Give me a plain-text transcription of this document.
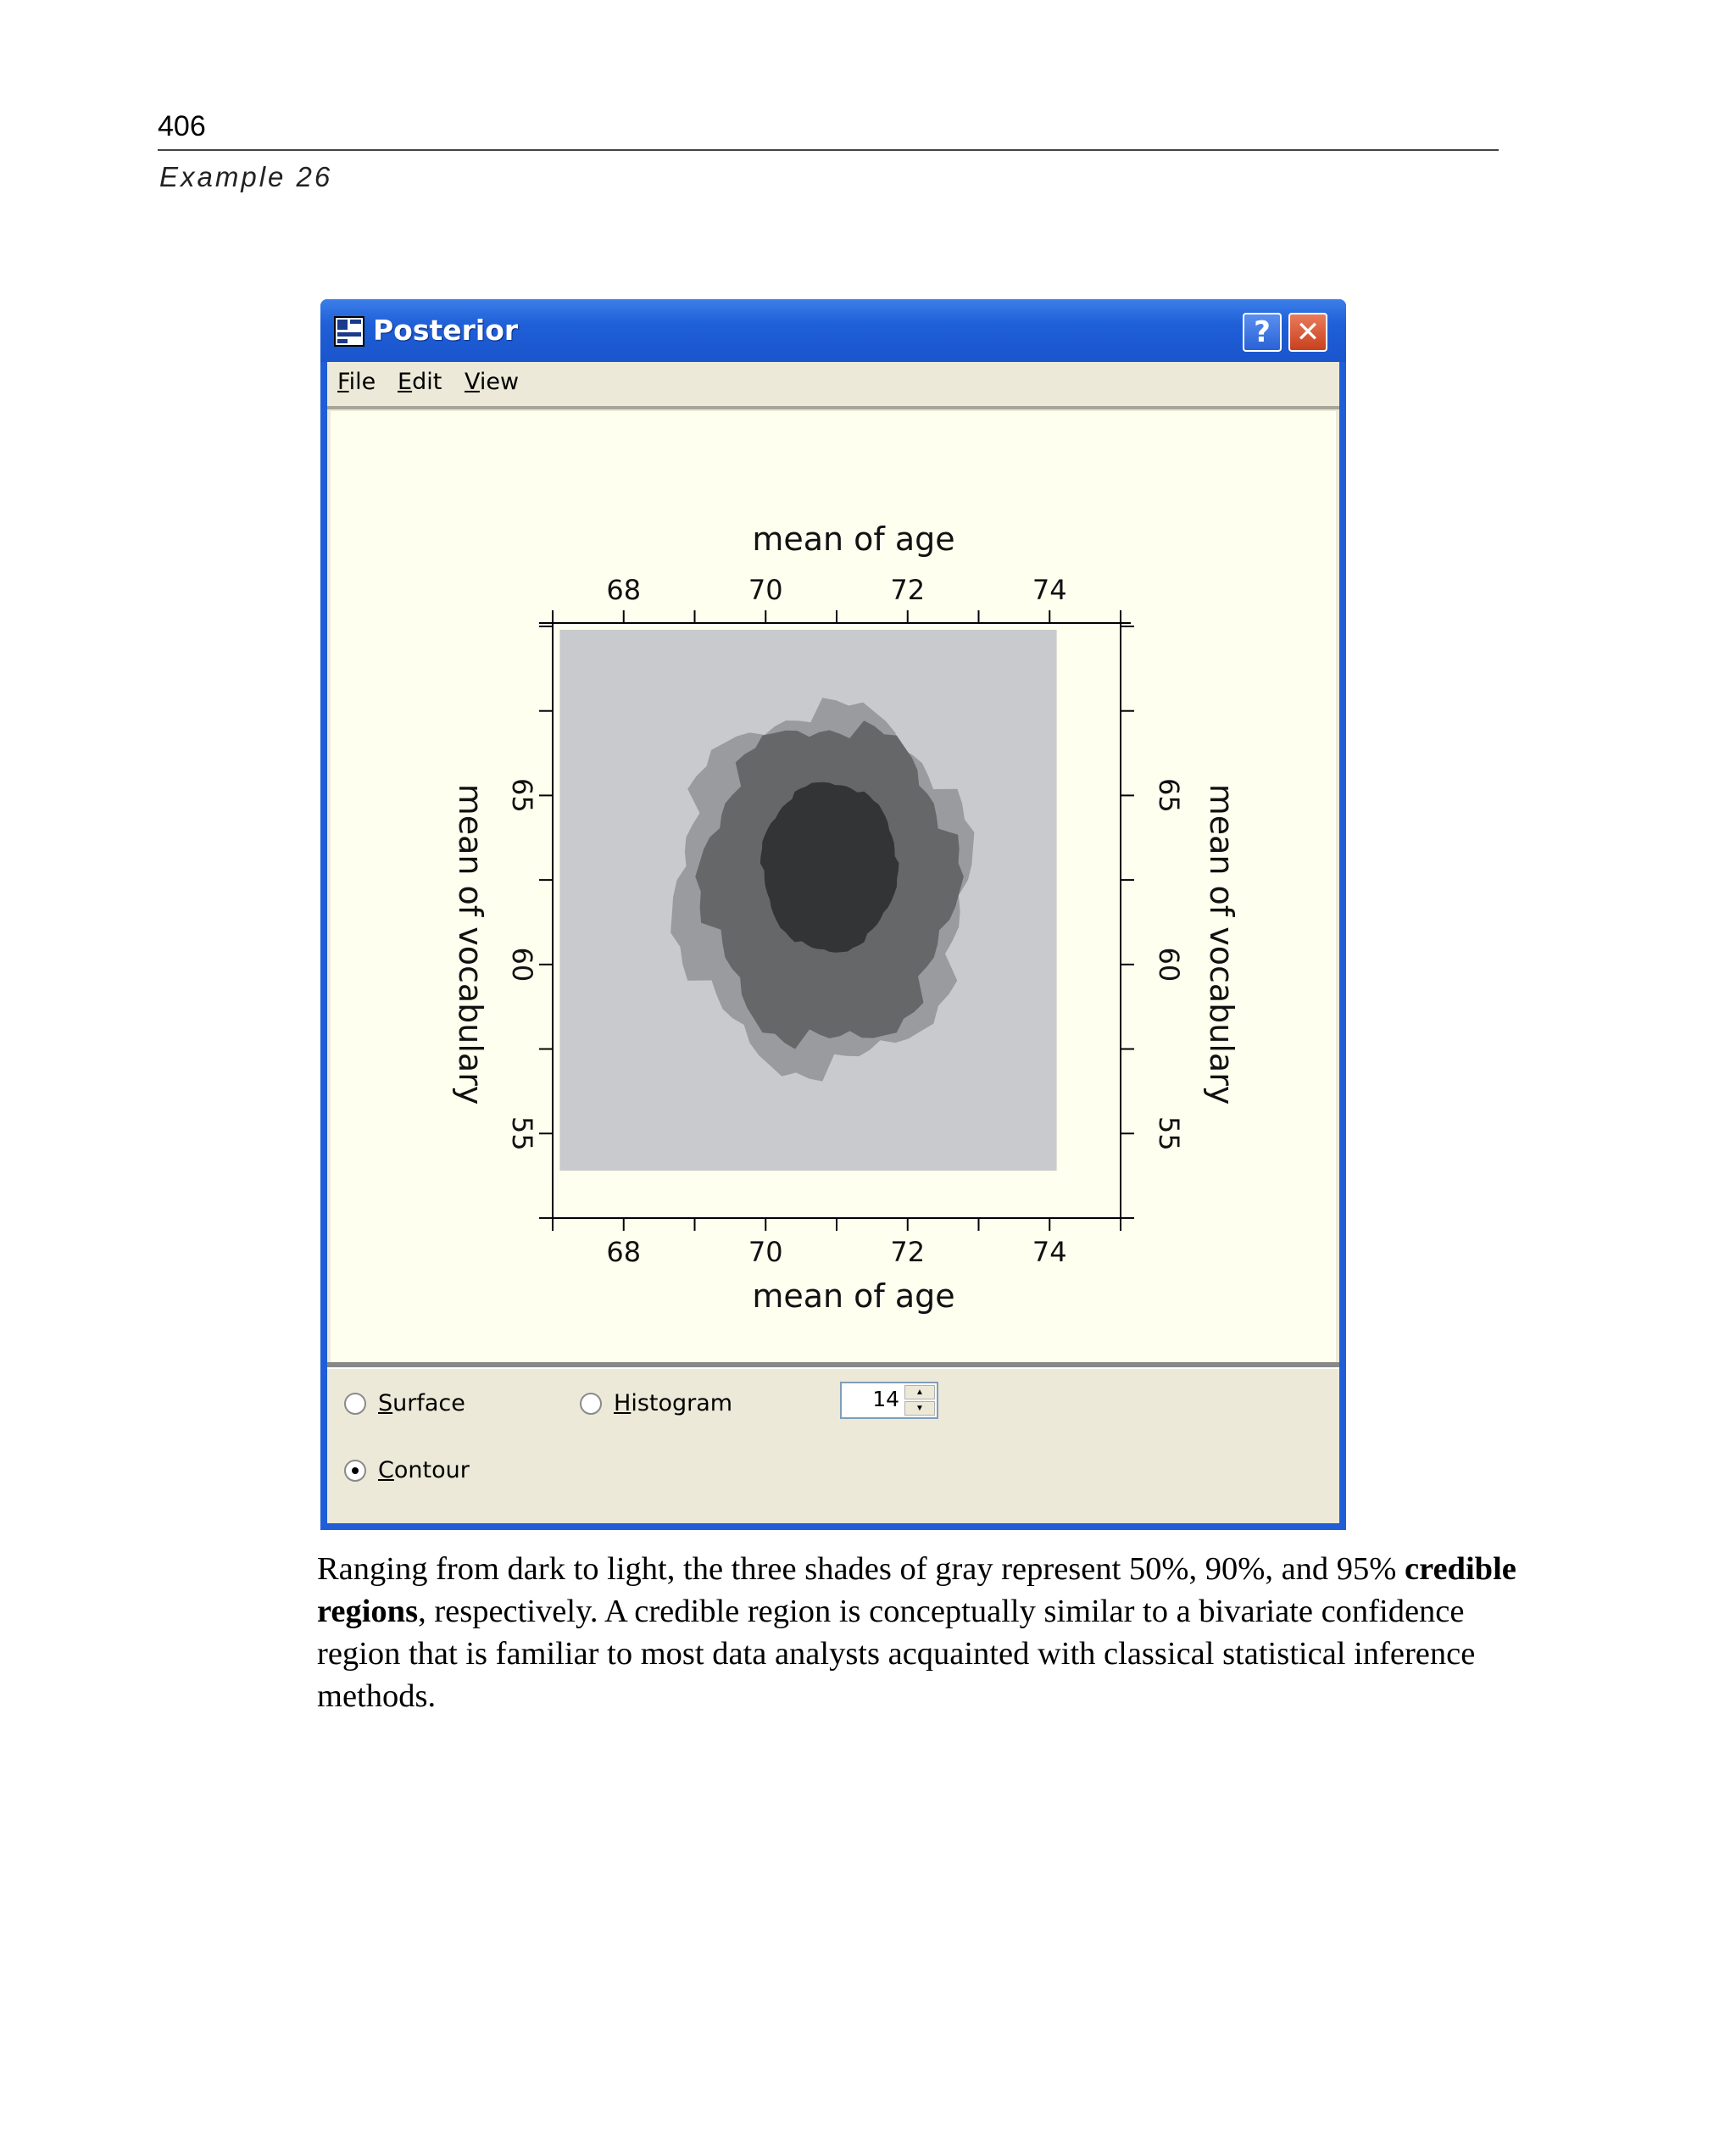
406
Example 26
Posterior	? ✕
File Edit View
68
68
70
70
72
72
74
74
55	55
60	60
65	65
mean of age
mean of age
mean of vocabulary	mean of vocabulary
Surface	Histogram	14	▲
▼
Contour
Ranging from dark to light, the three shades of gray represent 50%, 90%, and 95% credible regions, respectively. A credible region is conceptually similar to a bivariate confidence region that is familiar to most data analysts acquainted with classical statistical inference methods.
